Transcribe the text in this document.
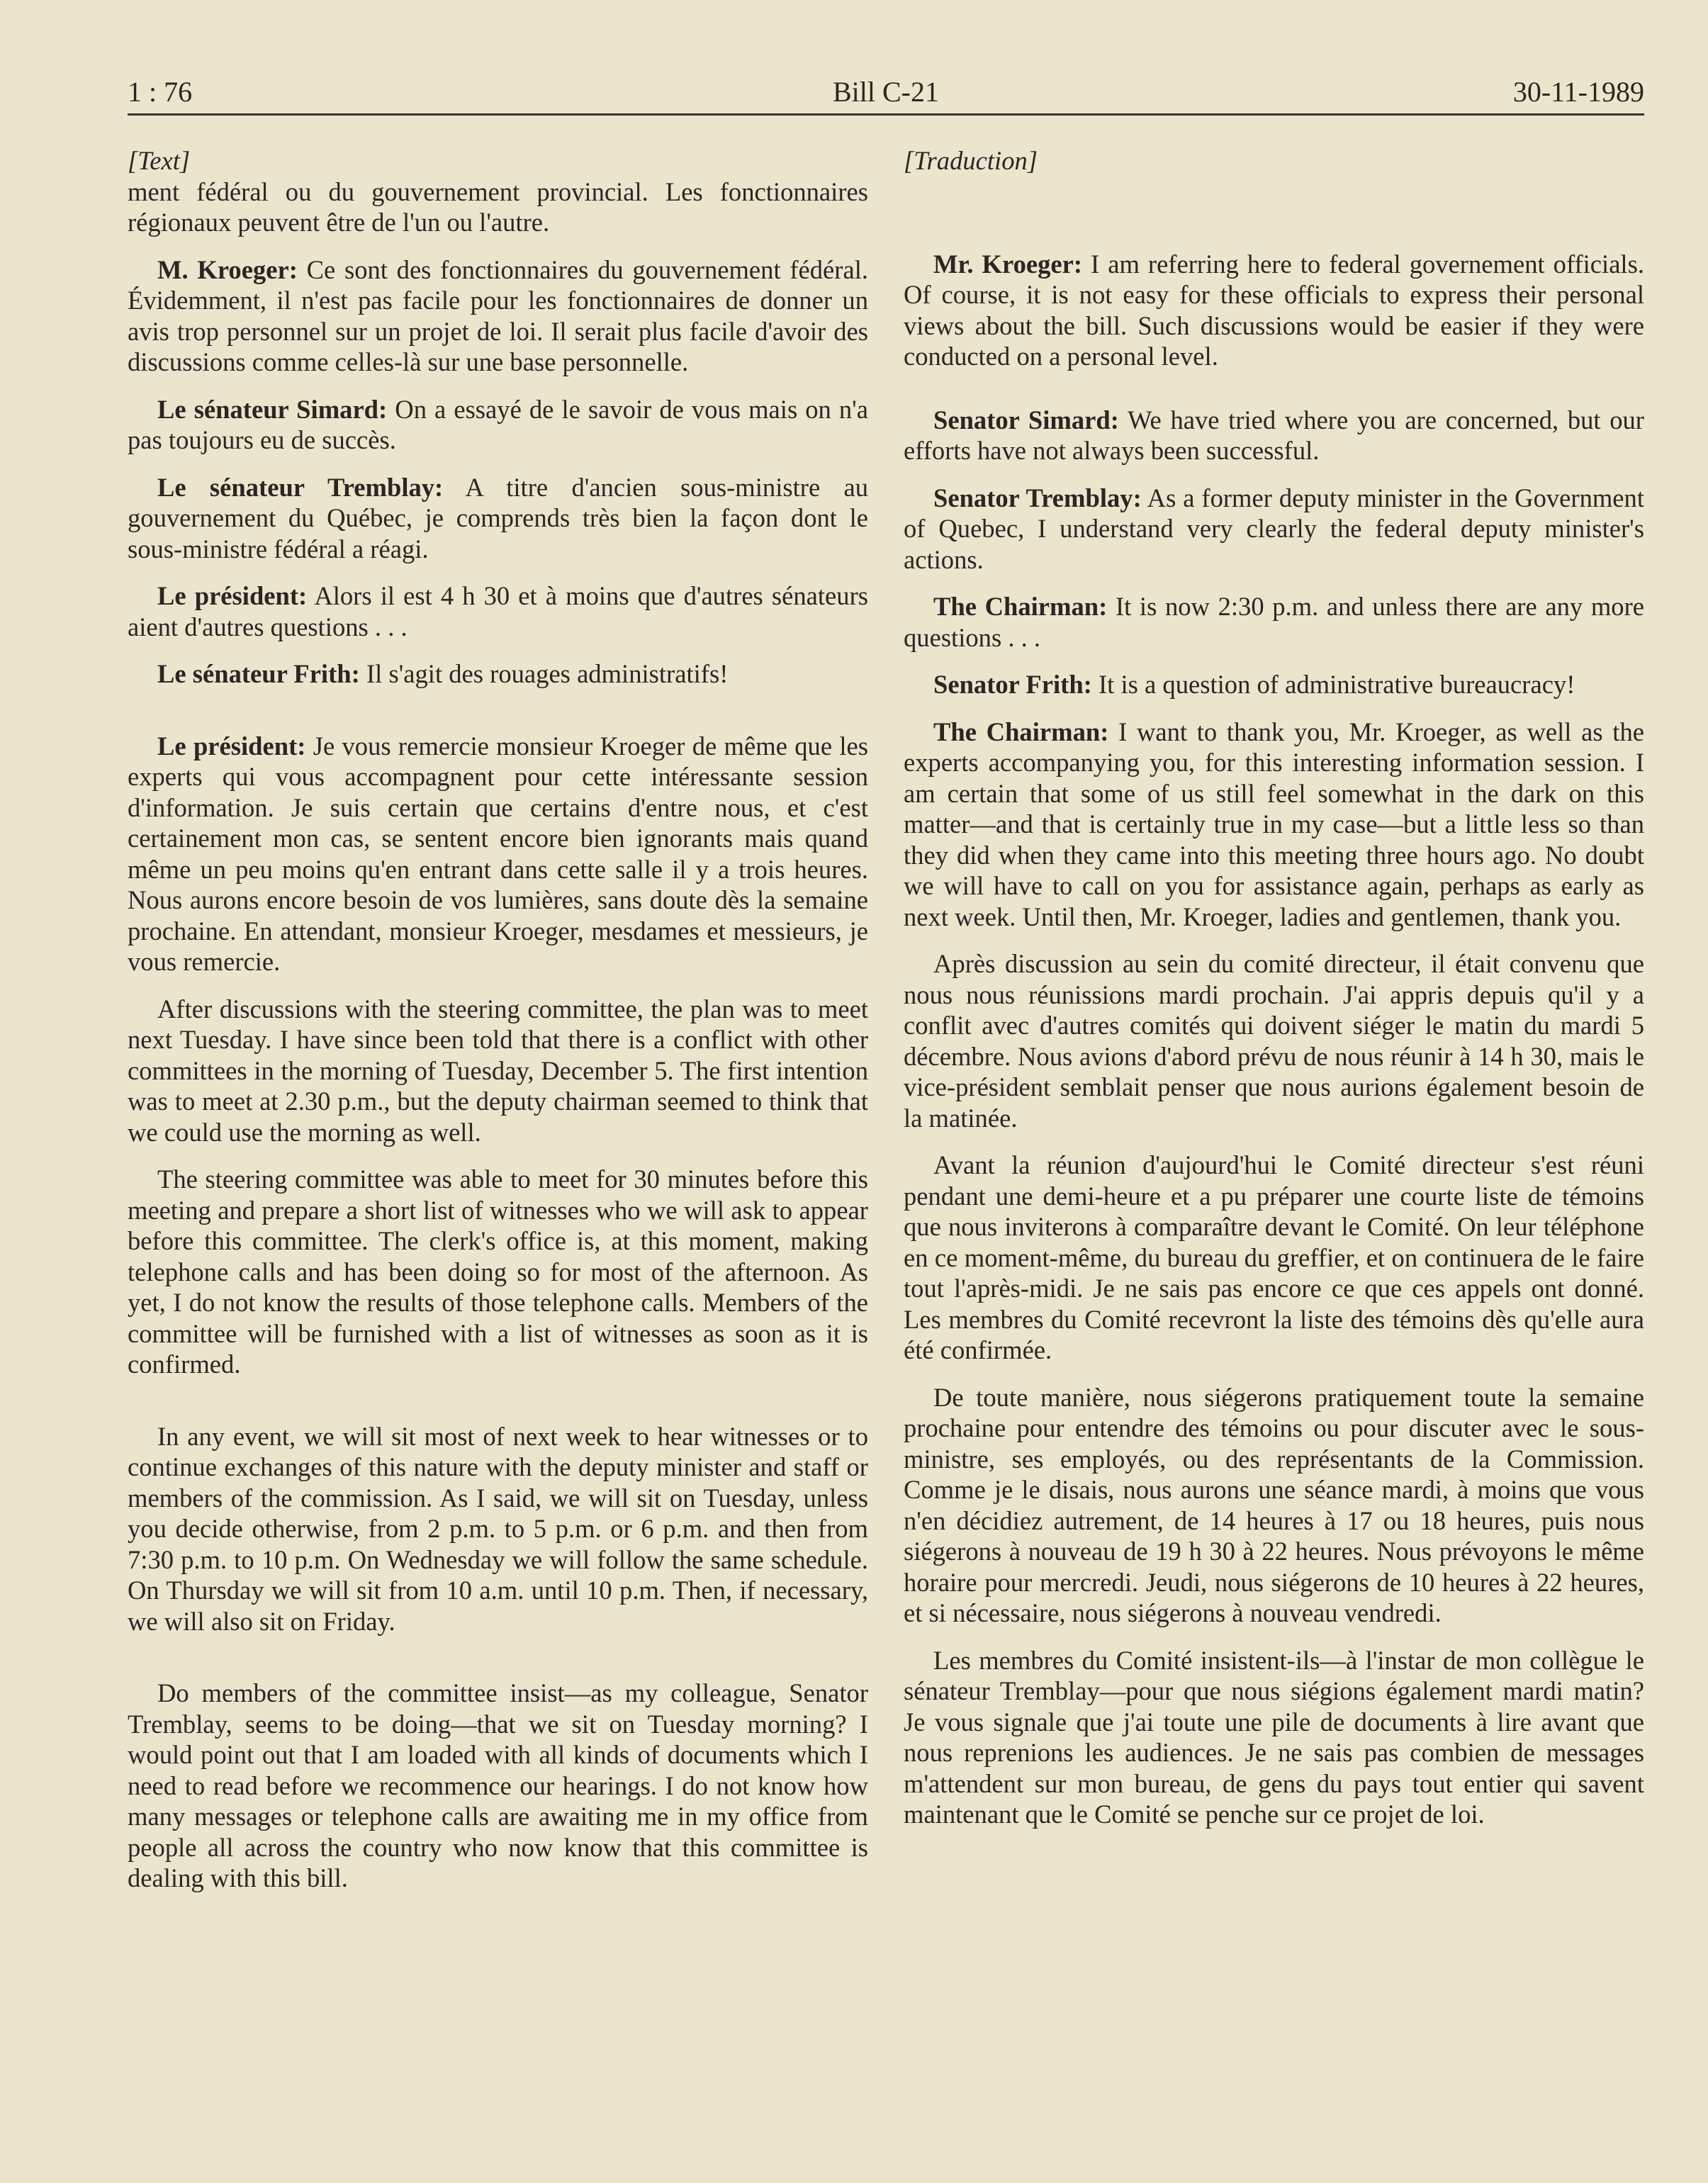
1 : 76	Bill C-21	30-11-1989

[Text]

ment fédéral ou du gouvernement provincial. Les fonctionnaires régionaux peuvent être de l'un ou l'autre.

M. Kroeger: Ce sont des fonctionnaires du gouvernement fédéral. Évidemment, il n'est pas facile pour les fonctionnaires de donner un avis trop personnel sur un projet de loi. Il serait plus facile d'avoir des discussions comme celles-là sur une base personnelle.

Le sénateur Simard: On a essayé de le savoir de vous mais on n'a pas toujours eu de succès.

Le sénateur Tremblay: A titre d'ancien sous-ministre au gouvernement du Québec, je comprends très bien la façon dont le sous-ministre fédéral a réagi.

Le président: Alors il est 4 h 30 et à moins que d'autres sénateurs aient d'autres questions . . .

Le sénateur Frith: Il s'agit des rouages administratifs!

Le président: Je vous remercie monsieur Kroeger de même que les experts qui vous accompagnent pour cette intéressante session d'information. Je suis certain que certains d'entre nous, et c'est certainement mon cas, se sentent encore bien ignorants mais quand même un peu moins qu'en entrant dans cette salle il y a trois heures. Nous aurons encore besoin de vos lumières, sans doute dès la semaine prochaine. En attendant, monsieur Kroeger, mesdames et messieurs, je vous remercie.

After discussions with the steering committee, the plan was to meet next Tuesday. I have since been told that there is a conflict with other committees in the morning of Tuesday, December 5. The first intention was to meet at 2.30 p.m., but the deputy chairman seemed to think that we could use the morning as well.

The steering committee was able to meet for 30 minutes before this meeting and prepare a short list of witnesses who we will ask to appear before this committee. The clerk's office is, at this moment, making telephone calls and has been doing so for most of the afternoon. As yet, I do not know the results of those telephone calls. Members of the committee will be furnished with a list of witnesses as soon as it is confirmed.

In any event, we will sit most of next week to hear witnesses or to continue exchanges of this nature with the deputy minister and staff or members of the commission. As I said, we will sit on Tuesday, unless you decide otherwise, from 2 p.m. to 5 p.m. or 6 p.m. and then from 7:30 p.m. to 10 p.m. On Wednesday we will follow the same schedule. On Thursday we will sit from 10 a.m. until 10 p.m. Then, if necessary, we will also sit on Friday.

Do members of the committee insist—as my colleague, Senator Tremblay, seems to be doing—that we sit on Tuesday morning? I would point out that I am loaded with all kinds of documents which I need to read before we recommence our hearings. I do not know how many messages or telephone calls are awaiting me in my office from people all across the country who now know that this committee is dealing with this bill.

[Traduction]

Mr. Kroeger: I am referring here to federal governement officials. Of course, it is not easy for these officials to express their personal views about the bill. Such discussions would be easier if they were conducted on a personal level.

Senator Simard: We have tried where you are concerned, but our efforts have not always been successful.

Senator Tremblay: As a former deputy minister in the Government of Quebec, I understand very clearly the federal deputy minister's actions.

The Chairman: It is now 2:30 p.m. and unless there are any more questions . . .

Senator Frith: It is a question of administrative bureaucracy!

The Chairman: I want to thank you, Mr. Kroeger, as well as the experts accompanying you, for this interesting information session. I am certain that some of us still feel somewhat in the dark on this matter—and that is certainly true in my case—but a little less so than they did when they came into this meeting three hours ago. No doubt we will have to call on you for assistance again, perhaps as early as next week. Until then, Mr. Kroeger, ladies and gentlemen, thank you.

Après discussion au sein du comité directeur, il était convenu que nous nous réunissions mardi prochain. J'ai appris depuis qu'il y a conflit avec d'autres comités qui doivent siéger le matin du mardi 5 décembre. Nous avions d'abord prévu de nous réunir à 14 h 30, mais le vice-président semblait penser que nous aurions également besoin de la matinée.

Avant la réunion d'aujourd'hui le Comité directeur s'est réuni pendant une demi-heure et a pu préparer une courte liste de témoins que nous inviterons à comparaître devant le Comité. On leur téléphone en ce moment-même, du bureau du greffier, et on continuera de le faire tout l'après-midi. Je ne sais pas encore ce que ces appels ont donné. Les membres du Comité recevront la liste des témoins dès qu'elle aura été confirmée.

De toute manière, nous siégerons pratiquement toute la semaine prochaine pour entendre des témoins ou pour discuter avec le sous-ministre, ses employés, ou des représentants de la Commission. Comme je le disais, nous aurons une séance mardi, à moins que vous n'en décidiez autrement, de 14 heures à 17 ou 18 heures, puis nous siégerons à nouveau de 19 h 30 à 22 heures. Nous prévoyons le même horaire pour mercredi. Jeudi, nous siégerons de 10 heures à 22 heures, et si nécessaire, nous siégerons à nouveau vendredi.

Les membres du Comité insistent-ils—à l'instar de mon collègue le sénateur Tremblay—pour que nous siégions également mardi matin? Je vous signale que j'ai toute une pile de documents à lire avant que nous reprenions les audiences. Je ne sais pas combien de messages m'attendent sur mon bureau, de gens du pays tout entier qui savent maintenant que le Comité se penche sur ce projet de loi.
